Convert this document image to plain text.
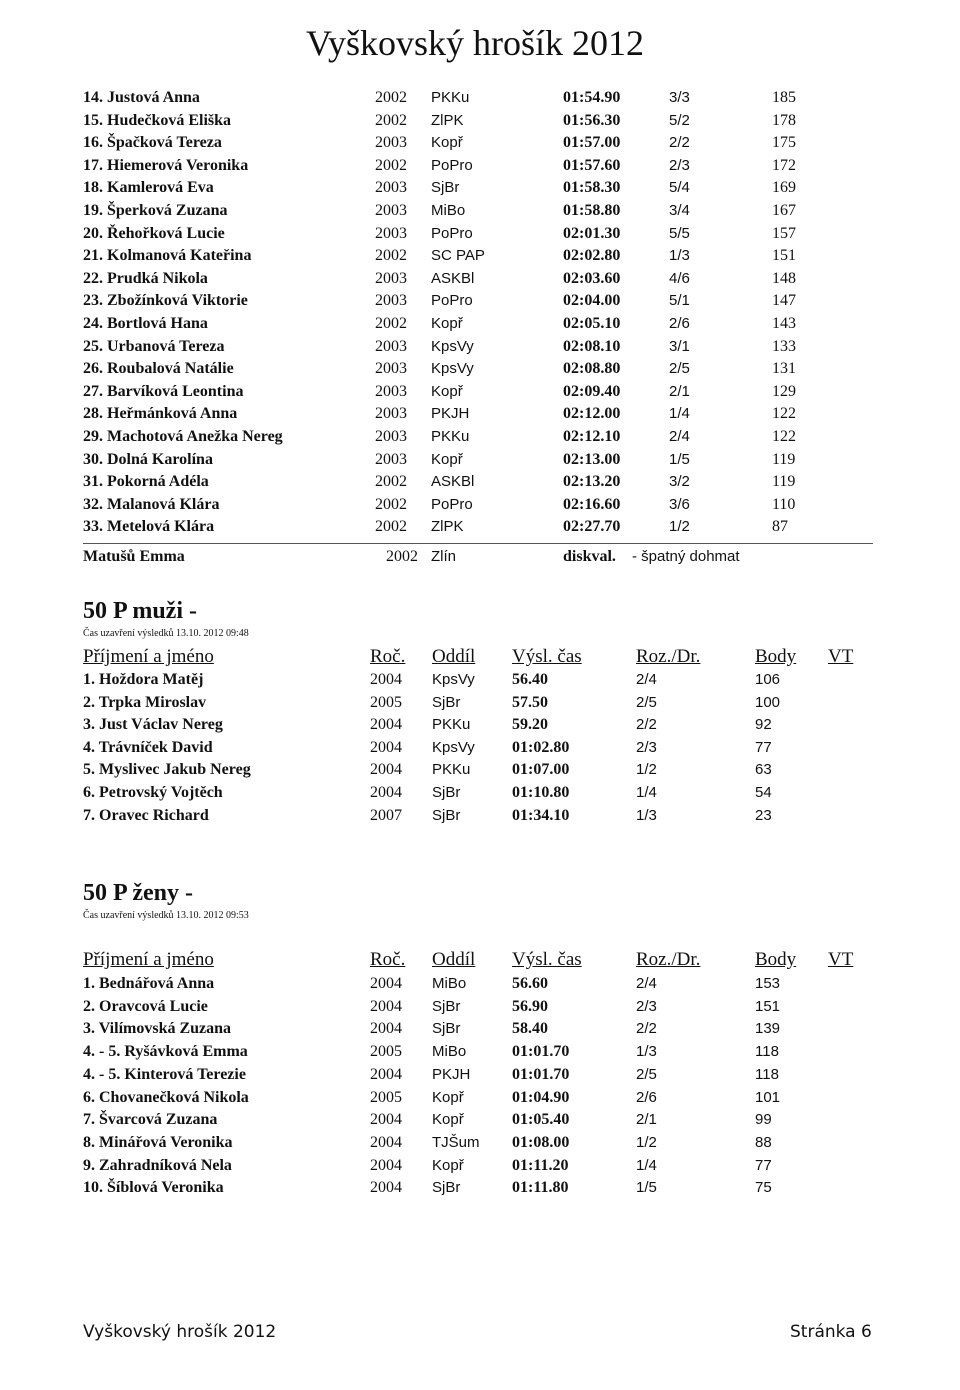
Vyškovský hrošík 2012
14. Justová Anna	2002 PKKu	01:54.90	3/3	185
15. Hudečková Eliška	2002 ZlPK	01:56.30	5/2	178
16. Špačková Tereza	2003 Kopř	01:57.00	2/2	175
17. Hiemerová Veronika	2002 PoPro	01:57.60	2/3	172
18. Kamlerová Eva	2003 SjBr	01:58.30	5/4	169
19. Šperková Zuzana	2003 MiBo	01:58.80	3/4	167
20. Řehořková Lucie	2003 PoPro	02:01.30	5/5	157
21. Kolmanová Kateřina	2002 SC PAP	02:02.80	1/3	151
22. Prudká Nikola	2003 ASKBl	02:03.60	4/6	148
23. Zbožínková Viktorie	2003 PoPro	02:04.00	5/1	147
24. Bortlová Hana	2002 Kopř	02:05.10	2/6	143
25. Urbanová Tereza	2003 KpsVy	02:08.10	3/1	133
26. Roubalová Natálie	2003 KpsVy	02:08.80	2/5	131
27. Barvíková Leontina	2003 Kopř	02:09.40	2/1	129
28. Heřmánková Anna	2003 PKJH	02:12.00	1/4	122
29. Machotová Anežka Nereg	2003 PKKu	02:12.10	2/4	122
30. Dolná Karolína	2003 Kopř	02:13.00	1/5	119
31. Pokorná Adéla	2002 ASKBl	02:13.20	3/2	119
32. Malanová Klára	2002 PoPro	02:16.60	3/6	110
33. Metelová Klára	2002 ZlPK	02:27.70	1/2	87
Matušů Emma	2002 Zlín	diskval. - špatný dohmat
50 P muži -
Čas uzavření výsledků 13.10. 2012 09:48
Příjmení a jméno	Roč. Oddíl Výsl. čas	Roz./Dr.	Body VT
1. Hoždora Matěj	2004 KpsVy 56.40	2/4	106
2. Trpka Miroslav	2005 SjBr	57.50	2/5	100
3. Just Václav Nereg	2004 PKKu	59.20	2/2	92
4. Trávníček David	2004 KpsVy 01:02.80	2/3	77
5. Myslivec Jakub Nereg	2004 PKKu	01:07.00	1/2	63
6. Petrovský Vojtěch	2004 SjBr	01:10.80	1/4	54
7. Oravec Richard	2007 SjBr	01:34.10	1/3	23
50 P ženy -
Čas uzavření výsledků 13.10. 2012 09:53
Příjmení a jméno	Roč. Oddíl Výsl. čas	Roz./Dr.	Body VT
1. Bednářová Anna	2004 MiBo	56.60	2/4	153
2. Oravcová Lucie	2004 SjBr	56.90	2/3	151
3. Vilímovská Zuzana	2004 SjBr	58.40	2/2	139
4. - 5. Ryšávková Emma	2005 MiBo	01:01.70	1/3	118
4. - 5. Kinterová Terezie	2004 PKJH	01:01.70	2/5	118
6. Chovanečková Nikola	2005 Kopř	01:04.90	2/6	101
7. Švarcová Zuzana	2004 Kopř	01:05.40	2/1	99
8. Minářová Veronika	2004 TJŠum 01:08.00	1/2	88
9. Zahradníková Nela	2004 Kopř	01:11.20	1/4	77
10. Šíblová Veronika	2004 SjBr	01:11.80	1/5	75
Vyškovský hrošík 2012	Stránka 6
